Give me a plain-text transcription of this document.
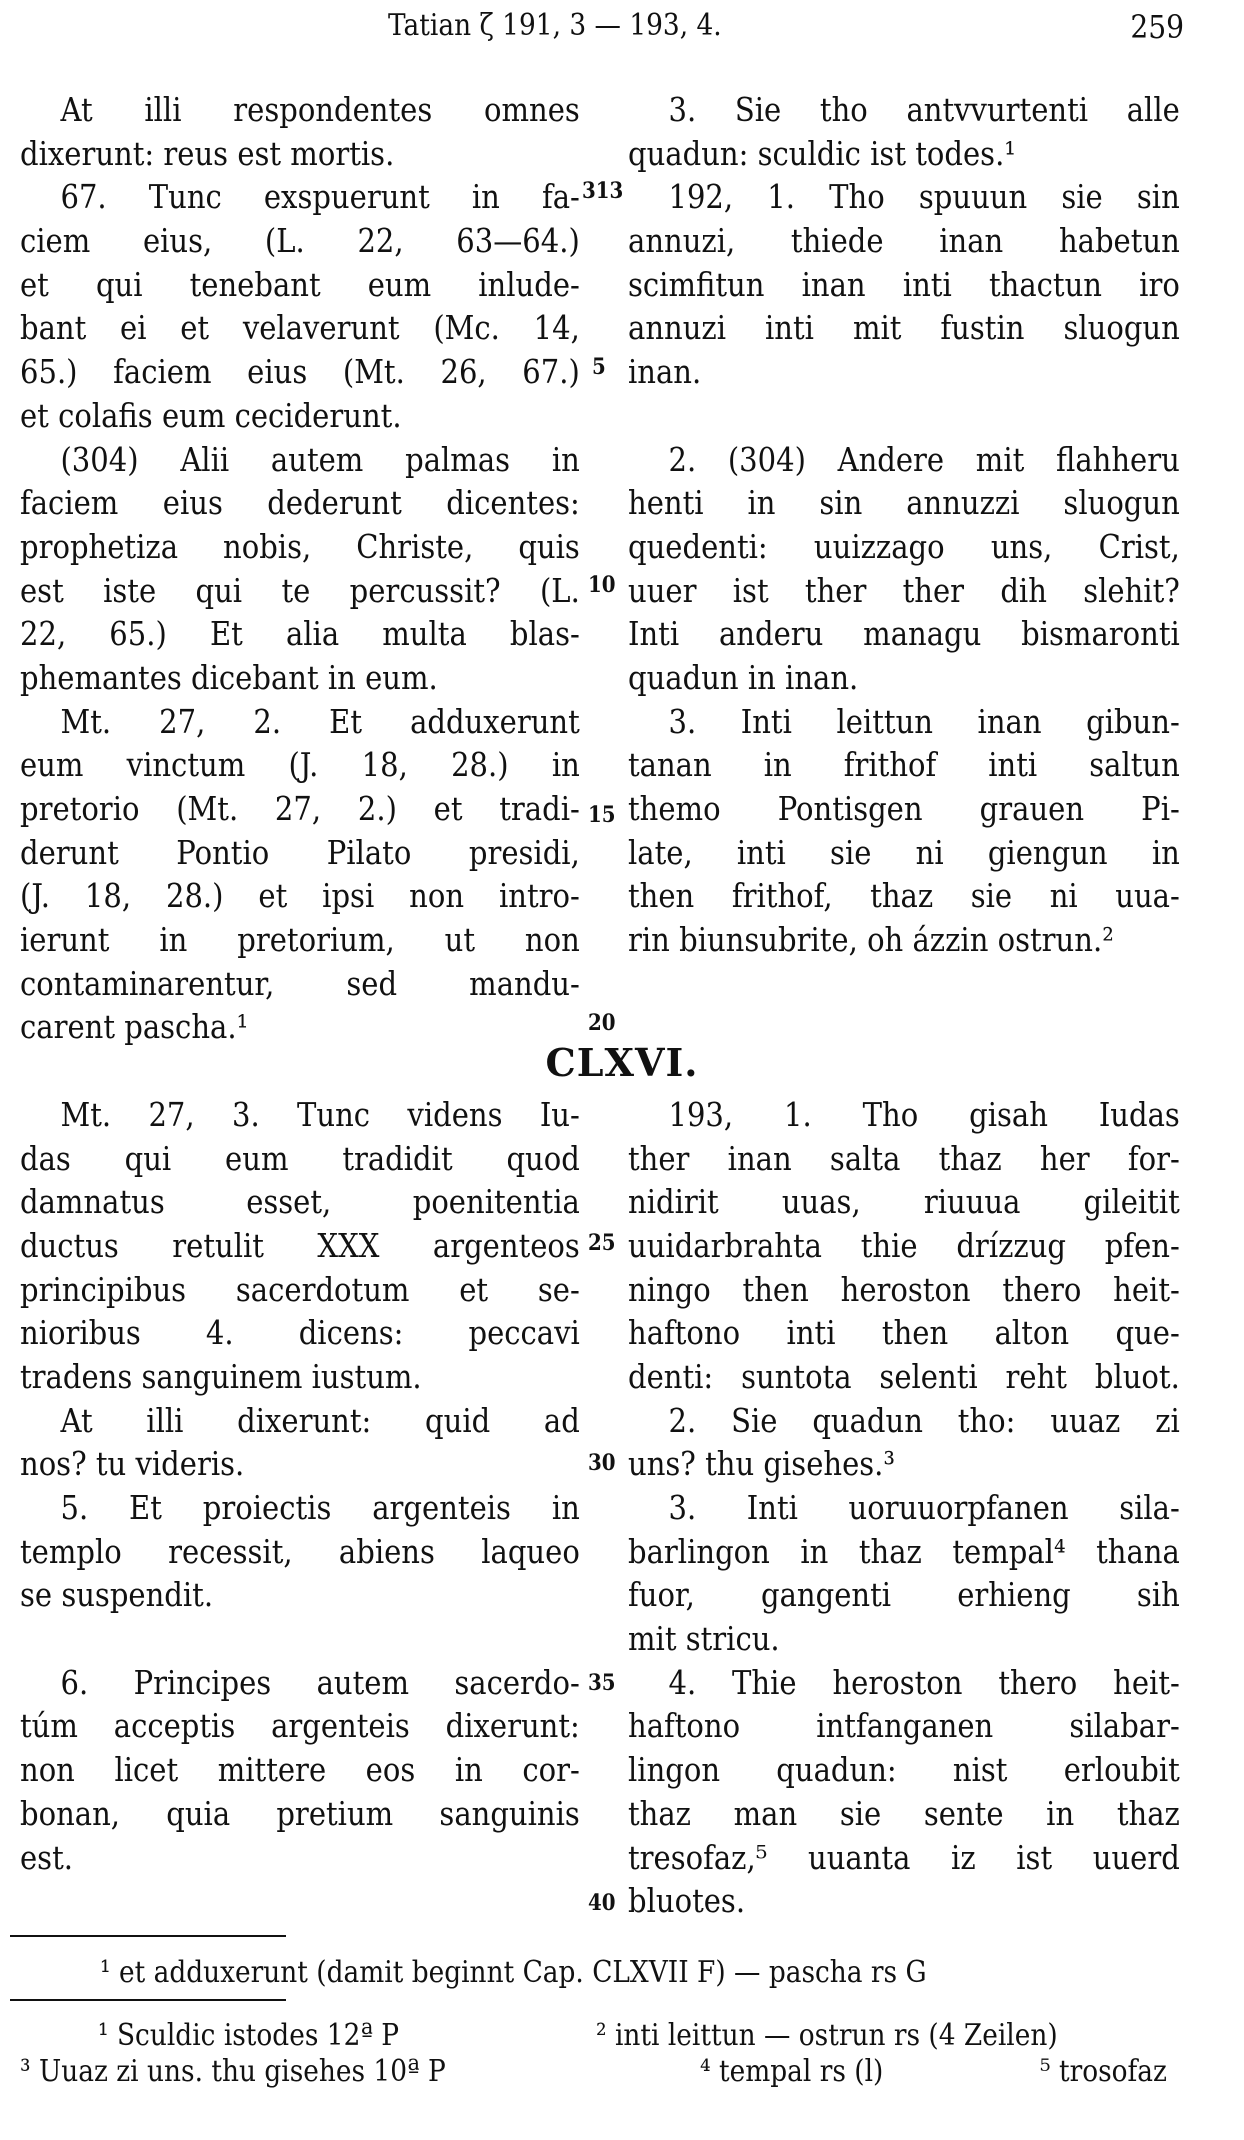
Tatian ζ 191, 3 — 193, 4.	259
At illi respondentes omnes
dixerunt: reus est mortis.
67. Tunc exspuerunt in fa-
ciem eius, (L. 22, 63—64.)
et qui tenebant eum inlude-
bant ei et velaverunt (Mc. 14,
65.) faciem eius (Mt. 26, 67.)
et colafis eum ceciderunt.
(304) Alii autem palmas in
faciem eius dederunt dicentes:
prophetiza nobis, Christe, quis
est iste qui te percussit? (L.
22, 65.) Et alia multa blas-
phemantes dicebant in eum.
Mt. 27, 2. Et adduxerunt
eum vinctum (J. 18, 28.) in
pretorio (Mt. 27, 2.) et tradi-
derunt Pontio Pilato presidi,
(J. 18, 28.) et ipsi non intro-
ierunt in pretorium, ut non
contaminarentur, sed mandu-
carent pascha.¹
Mt. 27, 3. Tunc videns Iu-
das qui eum tradidit quod
damnatus esset, poenitentia
ductus retulit XXX argenteos
principibus sacerdotum et se-
nioribus 4. dicens: peccavi
tradens sanguinem iustum.
At illi dixerunt: quid ad
nos? tu videris.
5. Et proiectis argenteis in
templo recessit, abiens laqueo
se suspendit.
6. Principes autem sacerdo-
túm acceptis argenteis dixerunt:
non licet mittere eos in cor-
bonan, quia pretium sanguinis
est.
3. Sie tho antvvurtenti alle
quadun: sculdic ist todes.¹
192, 1. Tho spuuun sie sin
annuzi, thiede inan habetun
scimfitun inan inti thactun iro
annuzi inti mit fustin sluogun
inan.
2. (304) Andere mit flahheru
henti in sin annuzzi sluogun
quedenti: uuizzago uns, Crist,
uuer ist ther ther dih slehit?
Inti anderu managu bismaronti
quadun in inan.
3. Inti leittun inan gibun-
tanan in frithof inti saltun
themo Pontisgen grauen Pi-
late, inti sie ni giengun in
then frithof, thaz sie ni uua-
rin biunsubrite, oh ázzin ostrun.²
193, 1. Tho gisah Iudas
ther inan salta thaz her for-
nidirit uuas, riuuua gileitit
uuidarbrahta thie drízzug pfen-
ningo then heroston thero heit-
haftono inti then alton que-
denti: suntota selenti reht bluot.
2. Sie quadun tho: uuaz zi
uns? thu gisehes.³
3. Inti uoruuorpfanen sila-
barlingon in thaz tempal⁴ thana
fuor, gangenti erhieng sih
mit stricu.
4. Thie heroston thero heit-
haftono intfanganen silabar-
lingon quadun: nist erloubit
thaz man sie sente in thaz
tresofaz,⁵ uuanta iz ist uuerd
bluotes.
313
5
10
15
20
25
30
35
40
CLXVI.
¹ et adduxerunt (damit beginnt Cap. CLXVII F) — pascha rs G
¹ Sculdic istodes 12ª P	² inti leittun — ostrun rs (4 Zeilen)
³ Uuaz zi uns. thu gisehes 10ª P	⁴ tempal rs (l)	⁵ trosofaz
